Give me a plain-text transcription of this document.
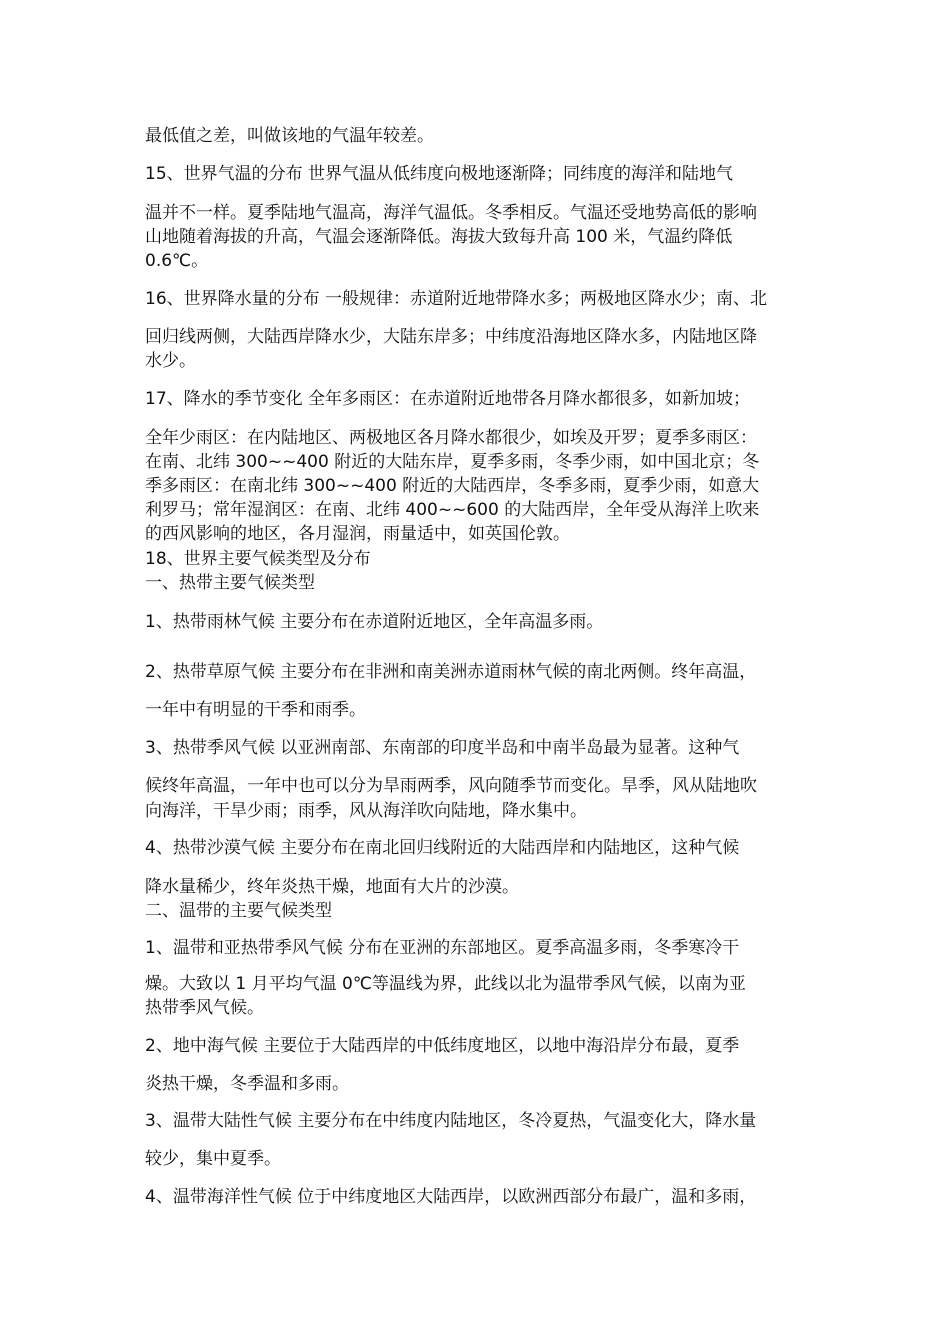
最低值之差，叫做该地的气温年较差。
15、世界气温的分布 世界气温从低纬度向极地逐渐降；同纬度的海洋和陆地气
温并不一样。夏季陆地气温高，海洋气温低。冬季相反。气温还受地势高低的影响
山地随着海拔的升高，气温会逐渐降低。海拔大致每升高 100 米，气温约降低
0.6℃。
16、世界降水量的分布 一般规律：赤道附近地带降水多；两极地区降水少；南、北
回归线两侧，大陆西岸降水少，大陆东岸多；中纬度沿海地区降水多，内陆地区降
水少。
17、降水的季节变化 全年多雨区：在赤道附近地带各月降水都很多，如新加坡；
全年少雨区：在内陆地区、两极地区各月降水都很少，如埃及开罗；夏季多雨区：
在南、北纬 300~~400 附近的大陆东岸，夏季多雨，冬季少雨，如中国北京；冬
季多雨区：在南北纬 300~~400 附近的大陆西岸，冬季多雨，夏季少雨，如意大
利罗马；常年湿润区：在南、北纬 400~~600 的大陆西岸，全年受从海洋上吹来
的西风影响的地区，各月湿润，雨量适中，如英国伦敦。
18、世界主要气候类型及分布
一、热带主要气候类型
1、热带雨林气候 主要分布在赤道附近地区，全年高温多雨。
2、热带草原气候 主要分布在非洲和南美洲赤道雨林气候的南北两侧。终年高温，
一年中有明显的干季和雨季。
3、热带季风气候 以亚洲南部、东南部的印度半岛和中南半岛最为显著。这种气
候终年高温，一年中也可以分为旱雨两季，风向随季节而变化。旱季，风从陆地吹
向海洋，干旱少雨；雨季，风从海洋吹向陆地，降水集中。
4、热带沙漠气候 主要分布在南北回归线附近的大陆西岸和内陆地区，这种气候
降水量稀少，终年炎热干燥，地面有大片的沙漠。
二、温带的主要气候类型
1、温带和亚热带季风气候 分布在亚洲的东部地区。夏季高温多雨，冬季寒冷干
燥。大致以 1 月平均气温 0℃等温线为界，此线以北为温带季风气候，以南为亚
热带季风气候。
2、地中海气候 主要位于大陆西岸的中低纬度地区，以地中海沿岸分布最，夏季
炎热干燥，冬季温和多雨。
3、温带大陆性气候 主要分布在中纬度内陆地区，冬冷夏热，气温变化大，降水量
较少，集中夏季。
4、温带海洋性气候 位于中纬度地区大陆西岸，以欧洲西部分布最广，温和多雨，
